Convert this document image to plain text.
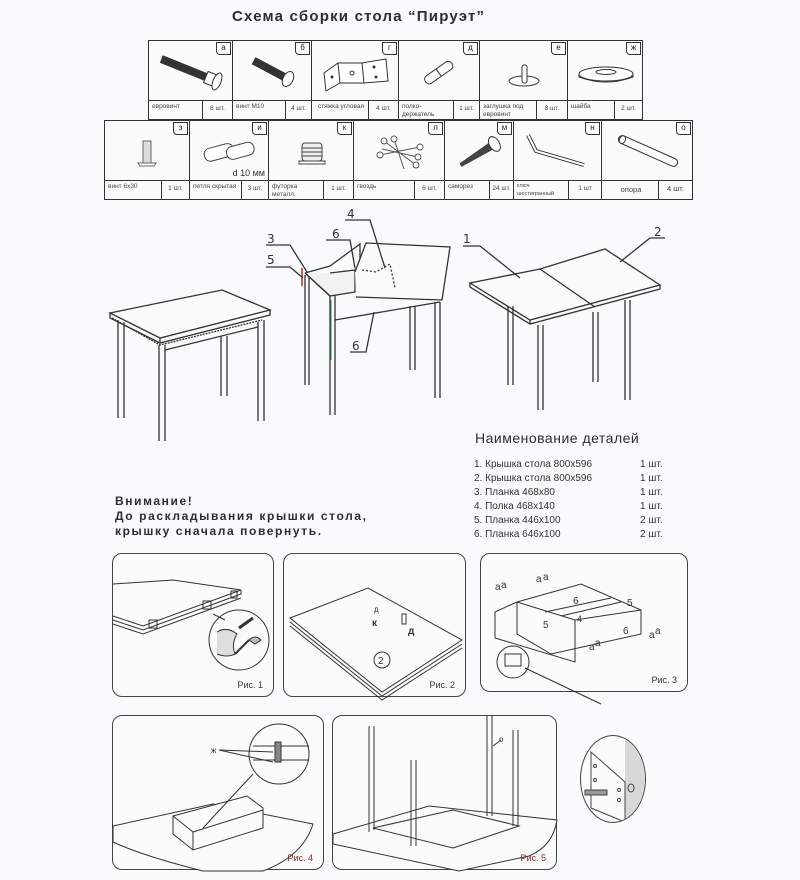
Схема сборки стола “Пируэт”
а
евровинт	8 шт.
б
винт М10	4 шт.
г
стяжка угловая	4 шт.
д
полко-держатель
1 шт.
е
заглушка под евровинт
8 шт.
ж
шайба	2 шт.
з
винт 6х30	1 шт.
d 10 мм
и
петля скрытая	3 шт.
к
футорка металл.
1 шт.
л
гвоздь	6 шт.
м
саморез	24 шт.
н
ключ шестигранный
1 шт
о
опора	4 шт.
3
5
6
4
6
1	2
Наименование деталей
1. Крышка стола 800х596	1 шт.
2. Крышка стола 800х596	1 шт.
3. Планка 468х80	1 шт.
4. Полка 468х140	1 шт.
5. Планка 446х100	2 шт.
6. Планка 646х100	2 шт.
Внимание!
До раскладывания крышки стола,
крышку сначала повернуть.
Рис. 1
д
к
д
2
Рис. 2
a a
a a
a a
a a
6	5
5
4
6
Рис. 3
ж
Рис. 4
о
Рис. 5
